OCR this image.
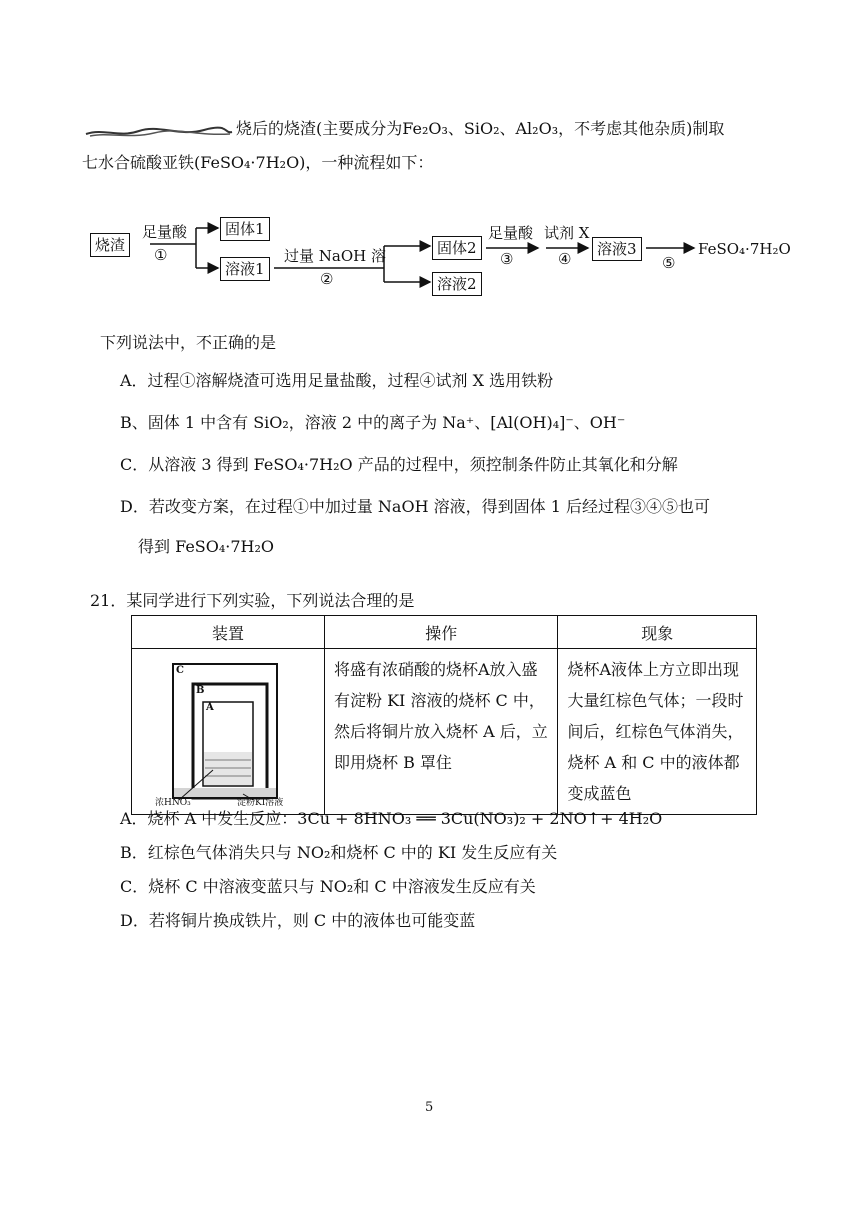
烧后的烧渣(主要成分为Fe₂O₃、SiO₂、Al₂O₃，不考虑其他杂质)制取
七水合硫酸亚铁(FeSO₄·7H₂O)，一种流程如下：
烧渣
固体1
溶液1
固体2
溶液2
溶液3
足量酸
①	过量 NaOH 溶
②
足量酸
③
试剂 X
④	⑤
FeSO₄·7H₂O
下列说法中，不正确的是
A．过程①溶解烧渣可选用足量盐酸，过程④试剂 X 选用铁粉
B、固体 1 中含有 SiO₂，溶液 2 中的离子为 Na⁺、[Al(OH)₄]⁻、OH⁻
C．从溶液 3 得到 FeSO₄·7H₂O 产品的过程中，须控制条件防止其氧化和分解
D．若改变方案，在过程①中加过量 NaOH 溶液，得到固体 1 后经过程③④⑤也可
得到 FeSO₄·7H₂O
21．某同学进行下列实验，下列说法合理的是
装置	操作	现象

C
B
A
浓HNO₃ 淀粉KI溶液	将盛有浓硝酸的烧杯A放入盛有淀粉 KI 溶液的烧杯 C 中，然后将铜片放入烧杯 A 后，立即用烧杯 B 罩住	烧杯A液体上方立即出现大量红棕色气体；一段时间后，红棕色气体消失，烧杯 A 和 C 中的液体都变成蓝色
A．烧杯 A 中发生反应：3Cu + 8HNO₃ ══ 3Cu(NO₃)₂ + 2NO↑+ 4H₂O
B．红棕色气体消失只与 NO₂和烧杯 C 中的 KI 发生反应有关
C．烧杯 C 中溶液变蓝只与 NO₂和 C 中溶液发生反应有关
D．若将铜片换成铁片，则 C 中的液体也可能变蓝
5
